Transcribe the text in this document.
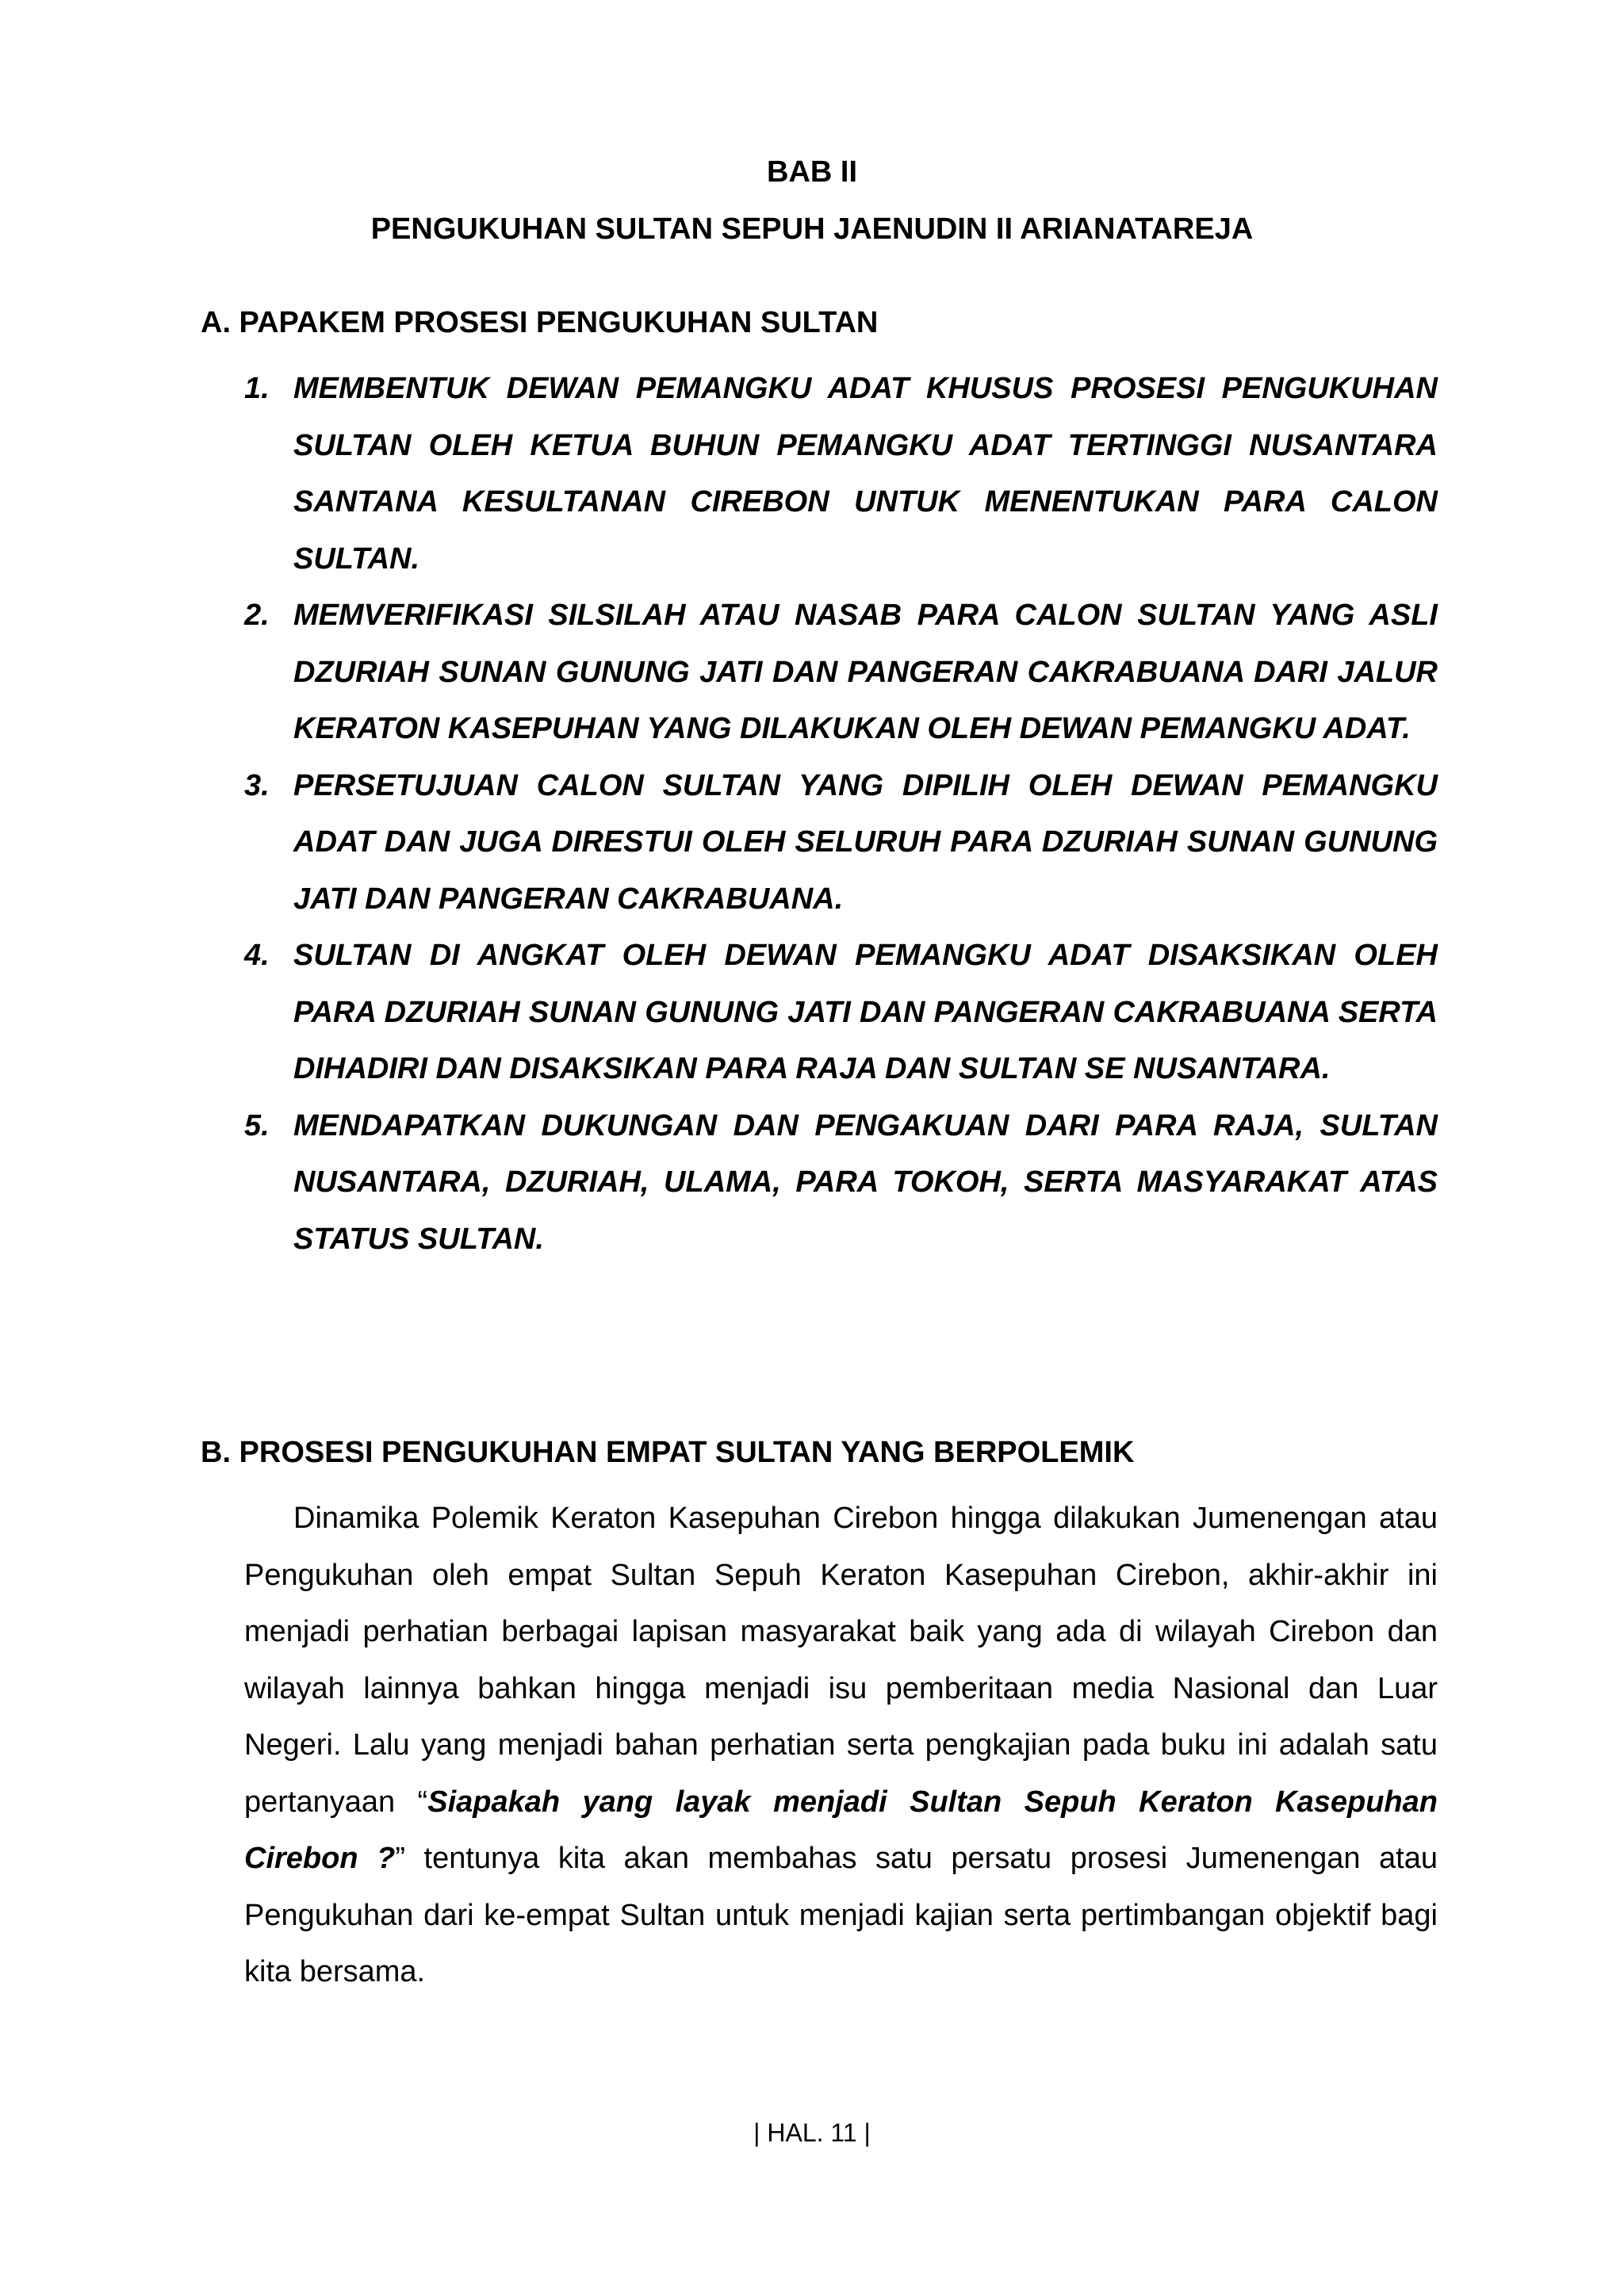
BAB II
PENGUKUHAN SULTAN SEPUH JAENUDIN II ARIANATAREJA
A. PAPAKEM PROSESI PENGUKUHAN SULTAN
1. MEMBENTUK DEWAN PEMANGKU ADAT KHUSUS PROSESI PENGUKUHAN SULTAN OLEH KETUA BUHUN PEMANGKU ADAT TERTINGGI NUSANTARA SANTANA KESULTANAN CIREBON UNTUK MENENTUKAN PARA CALON SULTAN.
2. MEMVERIFIKASI SILSILAH ATAU NASAB PARA CALON SULTAN YANG ASLI DZURIAH SUNAN GUNUNG JATI DAN PANGERAN CAKRABUANA DARI JALUR KERATON KASEPUHAN YANG DILAKUKAN OLEH DEWAN PEMANGKU ADAT.
3. PERSETUJUAN CALON SULTAN YANG DIPILIH OLEH DEWAN PEMANGKU ADAT DAN JUGA DIRESTUI OLEH SELURUH PARA DZURIAH SUNAN GUNUNG JATI DAN PANGERAN CAKRABUANA.
4. SULTAN DI ANGKAT OLEH DEWAN PEMANGKU ADAT DISAKSIKAN OLEH PARA DZURIAH SUNAN GUNUNG JATI DAN PANGERAN CAKRABUANA SERTA DIHADIRI DAN DISAKSIKAN PARA RAJA DAN SULTAN SE NUSANTARA.
5. MENDAPATKAN DUKUNGAN DAN PENGAKUAN DARI PARA RAJA, SULTAN NUSANTARA, DZURIAH, ULAMA, PARA TOKOH, SERTA MASYARAKAT ATAS STATUS SULTAN.
B. PROSESI PENGUKUHAN EMPAT SULTAN YANG BERPOLEMIK

Dinamika Polemik Keraton Kasepuhan Cirebon hingga dilakukan Jumenengan atau Pengukuhan oleh empat Sultan Sepuh Keraton Kasepuhan Cirebon, akhir-akhir ini menjadi perhatian berbagai lapisan masyarakat baik yang ada di wilayah Cirebon dan wilayah lainnya bahkan hingga menjadi isu pemberitaan media Nasional dan Luar Negeri. Lalu yang menjadi bahan perhatian serta pengkajian pada buku ini adalah satu pertanyaan “Siapakah yang layak menjadi Sultan Sepuh Keraton Kasepuhan Cirebon ?” tentunya kita akan membahas satu persatu prosesi Jumenengan atau Pengukuhan dari ke-empat Sultan untuk menjadi kajian serta pertimbangan objektif bagi kita bersama.

| HAL. 11 |
